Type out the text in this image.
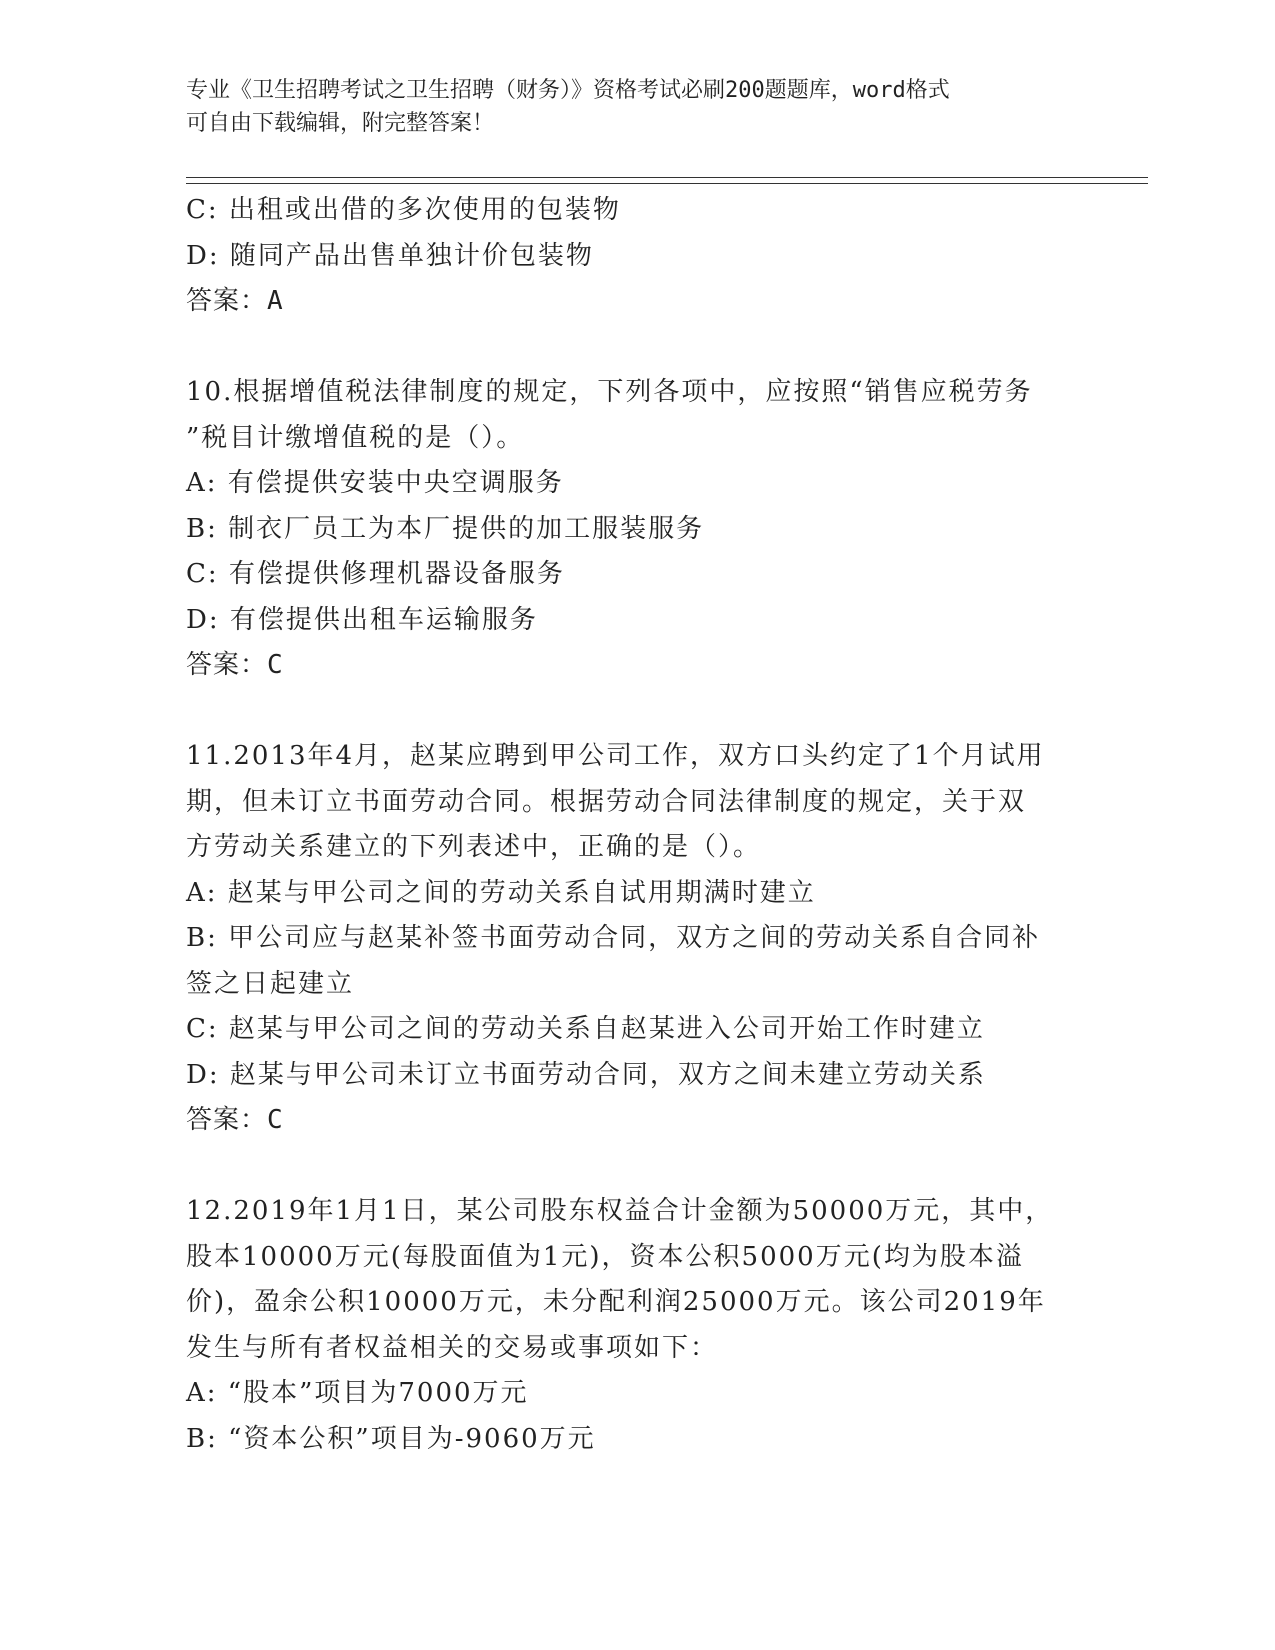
专业《卫生招聘考试之卫生招聘（财务）》资格考试必刷200题题库，word格式
可自由下载编辑，附完整答案！
C: 出租或出借的多次使用的包装物
D: 随同产品出售单独计价包装物
答案：A
10.根据增值税法律制度的规定，下列各项中，应按照“销售应税劳务
”税目计缴增值税的是（）。
A: 有偿提供安装中央空调服务
B: 制衣厂员工为本厂提供的加工服装服务
C: 有偿提供修理机器设备服务
D: 有偿提供出租车运输服务
答案：C
11.2013年4月，赵某应聘到甲公司工作，双方口头约定了1个月试用
期，但未订立书面劳动合同。根据劳动合同法律制度的规定，关于双
方劳动关系建立的下列表述中，正确的是（）。
A: 赵某与甲公司之间的劳动关系自试用期满时建立
B: 甲公司应与赵某补签书面劳动合同，双方之间的劳动关系自合同补
签之日起建立
C: 赵某与甲公司之间的劳动关系自赵某进入公司开始工作时建立
D: 赵某与甲公司未订立书面劳动合同，双方之间未建立劳动关系
答案：C
12.2019年1月1日，某公司股东权益合计金额为50000万元，其中，
股本10000万元(每股面值为1元)，资本公积5000万元(均为股本溢
价)，盈余公积10000万元，未分配利润25000万元。该公司2019年
发生与所有者权益相关的交易或事项如下：
A: “股本”项目为7000万元
B: “资本公积”项目为-9060万元
